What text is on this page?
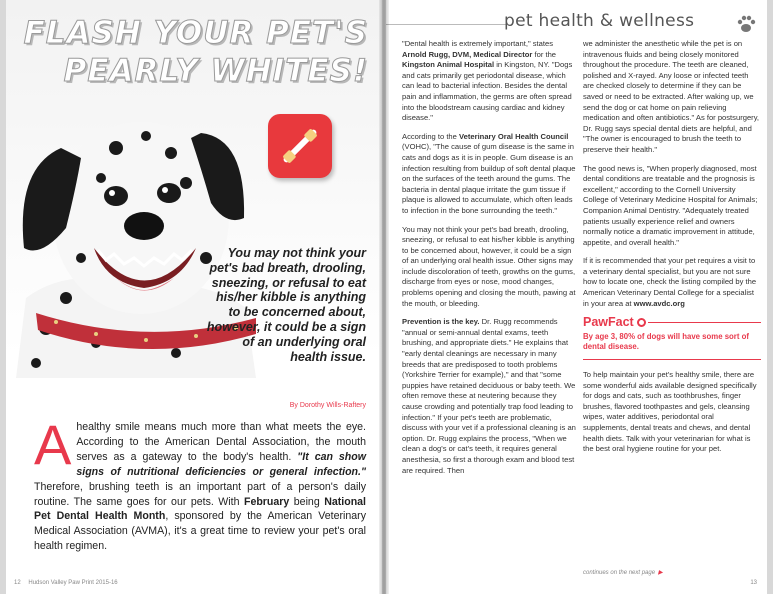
FLASH YOUR PET'S
PEARLY WHITES!
You may not think your pet's bad breath, drooling, sneezing, or refusal to eat his/her kibble is anything to be concerned about, however, it could be a sign of an underlying oral health issue.
By Dorothy Wills-Raftery
A healthy smile means much more than what meets the eye. According to the American Dental Association, the mouth serves as a gateway to the body's health. "It can show signs of nutritional deficiencies or general infection." Therefore, brushing teeth is an important part of a person's daily routine. The same goes for our pets. With February being National Pet Dental Health Month, sponsored by the American Veterinary Medical Association (AVMA), it's a great time to review your pet's oral health regimen.
12 Hudson Valley Paw Print 2015-16
pet health & wellness

"Dental health is extremely important," states Arnold Rugg, DVM, Medical Director for the Kingston Animal Hospital in Kingston, NY. "Dogs and cats primarily get periodontal disease, which can lead to bacterial infection. Besides the dental pain and inflammation, the germs are often spread into the bloodstream causing cardiac and kidney disease."

According to the Veterinary Oral Health Council (VOHC), "The cause of gum disease is the same in cats and dogs as it is in people. Gum disease is an infection resulting from buildup of soft dental plaque on the surfaces of the teeth around the gums. The bacteria in dental plaque irritate the gum tissue if plaque is allowed to accumulate, which often leads to infection in the bone surrounding the teeth."

You may not think your pet's bad breath, drooling, sneezing, or refusal to eat his/her kibble is anything to be concerned about, however, it could be a sign of an underlying oral health issue. Other signs may include discoloration of teeth, growths on the gums, discharge from eyes or nose, mood changes, problems opening and closing the mouth, pawing at the mouth, or bleeding.

Prevention is the key. Dr. Rugg recommends "annual or semi-annual dental exams, teeth brushing, and appropriate diets." He explains that "early dental cleanings are necessary in many breeds that are predisposed to tooth problems (Yorkshire Terrier for example)," and that "some puppies have retained deciduous or baby teeth. We often remove these at neutering because they cause crowding and potentially trap food leading to infection." If your pet's teeth are problematic, discuss with your vet if a professional cleaning is an option. Dr. Rugg explains the process, "When we clean a dog's or cat's teeth, it requires general anesthesia, so first a thorough exam and blood test are required. Then

we administer the anesthetic while the pet is on intravenous fluids and being closely monitored throughout the procedure. The teeth are cleaned, polished and X-rayed. Any loose or infected teeth are checked closely to determine if they can be saved or need to be extracted. After waking up, we send the dog or cat home on pain relieving medication and often antibiotics." As for postsurgery, Dr. Rugg says special dental diets are helpful, and "The owner is encouraged to brush the teeth to preserve their health."

The good news is, "When properly diagnosed, most dental conditions are treatable and the prognosis is excellent," according to the Cornell University College of Veterinary Medicine Hospital for Animals; Companion Animal Dentistry. "Adequately treated patients usually experience relief and owners normally notice a dramatic improvement in attitude, appetite, and overall health."

If it is recommended that your pet requires a visit to a veterinary dental specialist, but you are not sure how to locate one, check the listing compiled by the American Veterinary Dental College for a specialist in your area at www.avdc.org

PawFact
By age 3, 80% of dogs will have some sort of dental disease.

To help maintain your pet's healthy smile, there are some wonderful aids available designed specifically for dogs and cats, such as toothbrushes, finger brushes, flavored toothpastes and gels, cleansing wipes, water additives, periodontal oral supplements, dental treats and chews, and dental health diets. Talk with your veterinarian for what is the best oral hygiene routine for your pet.

continues on the next page ▶
13
